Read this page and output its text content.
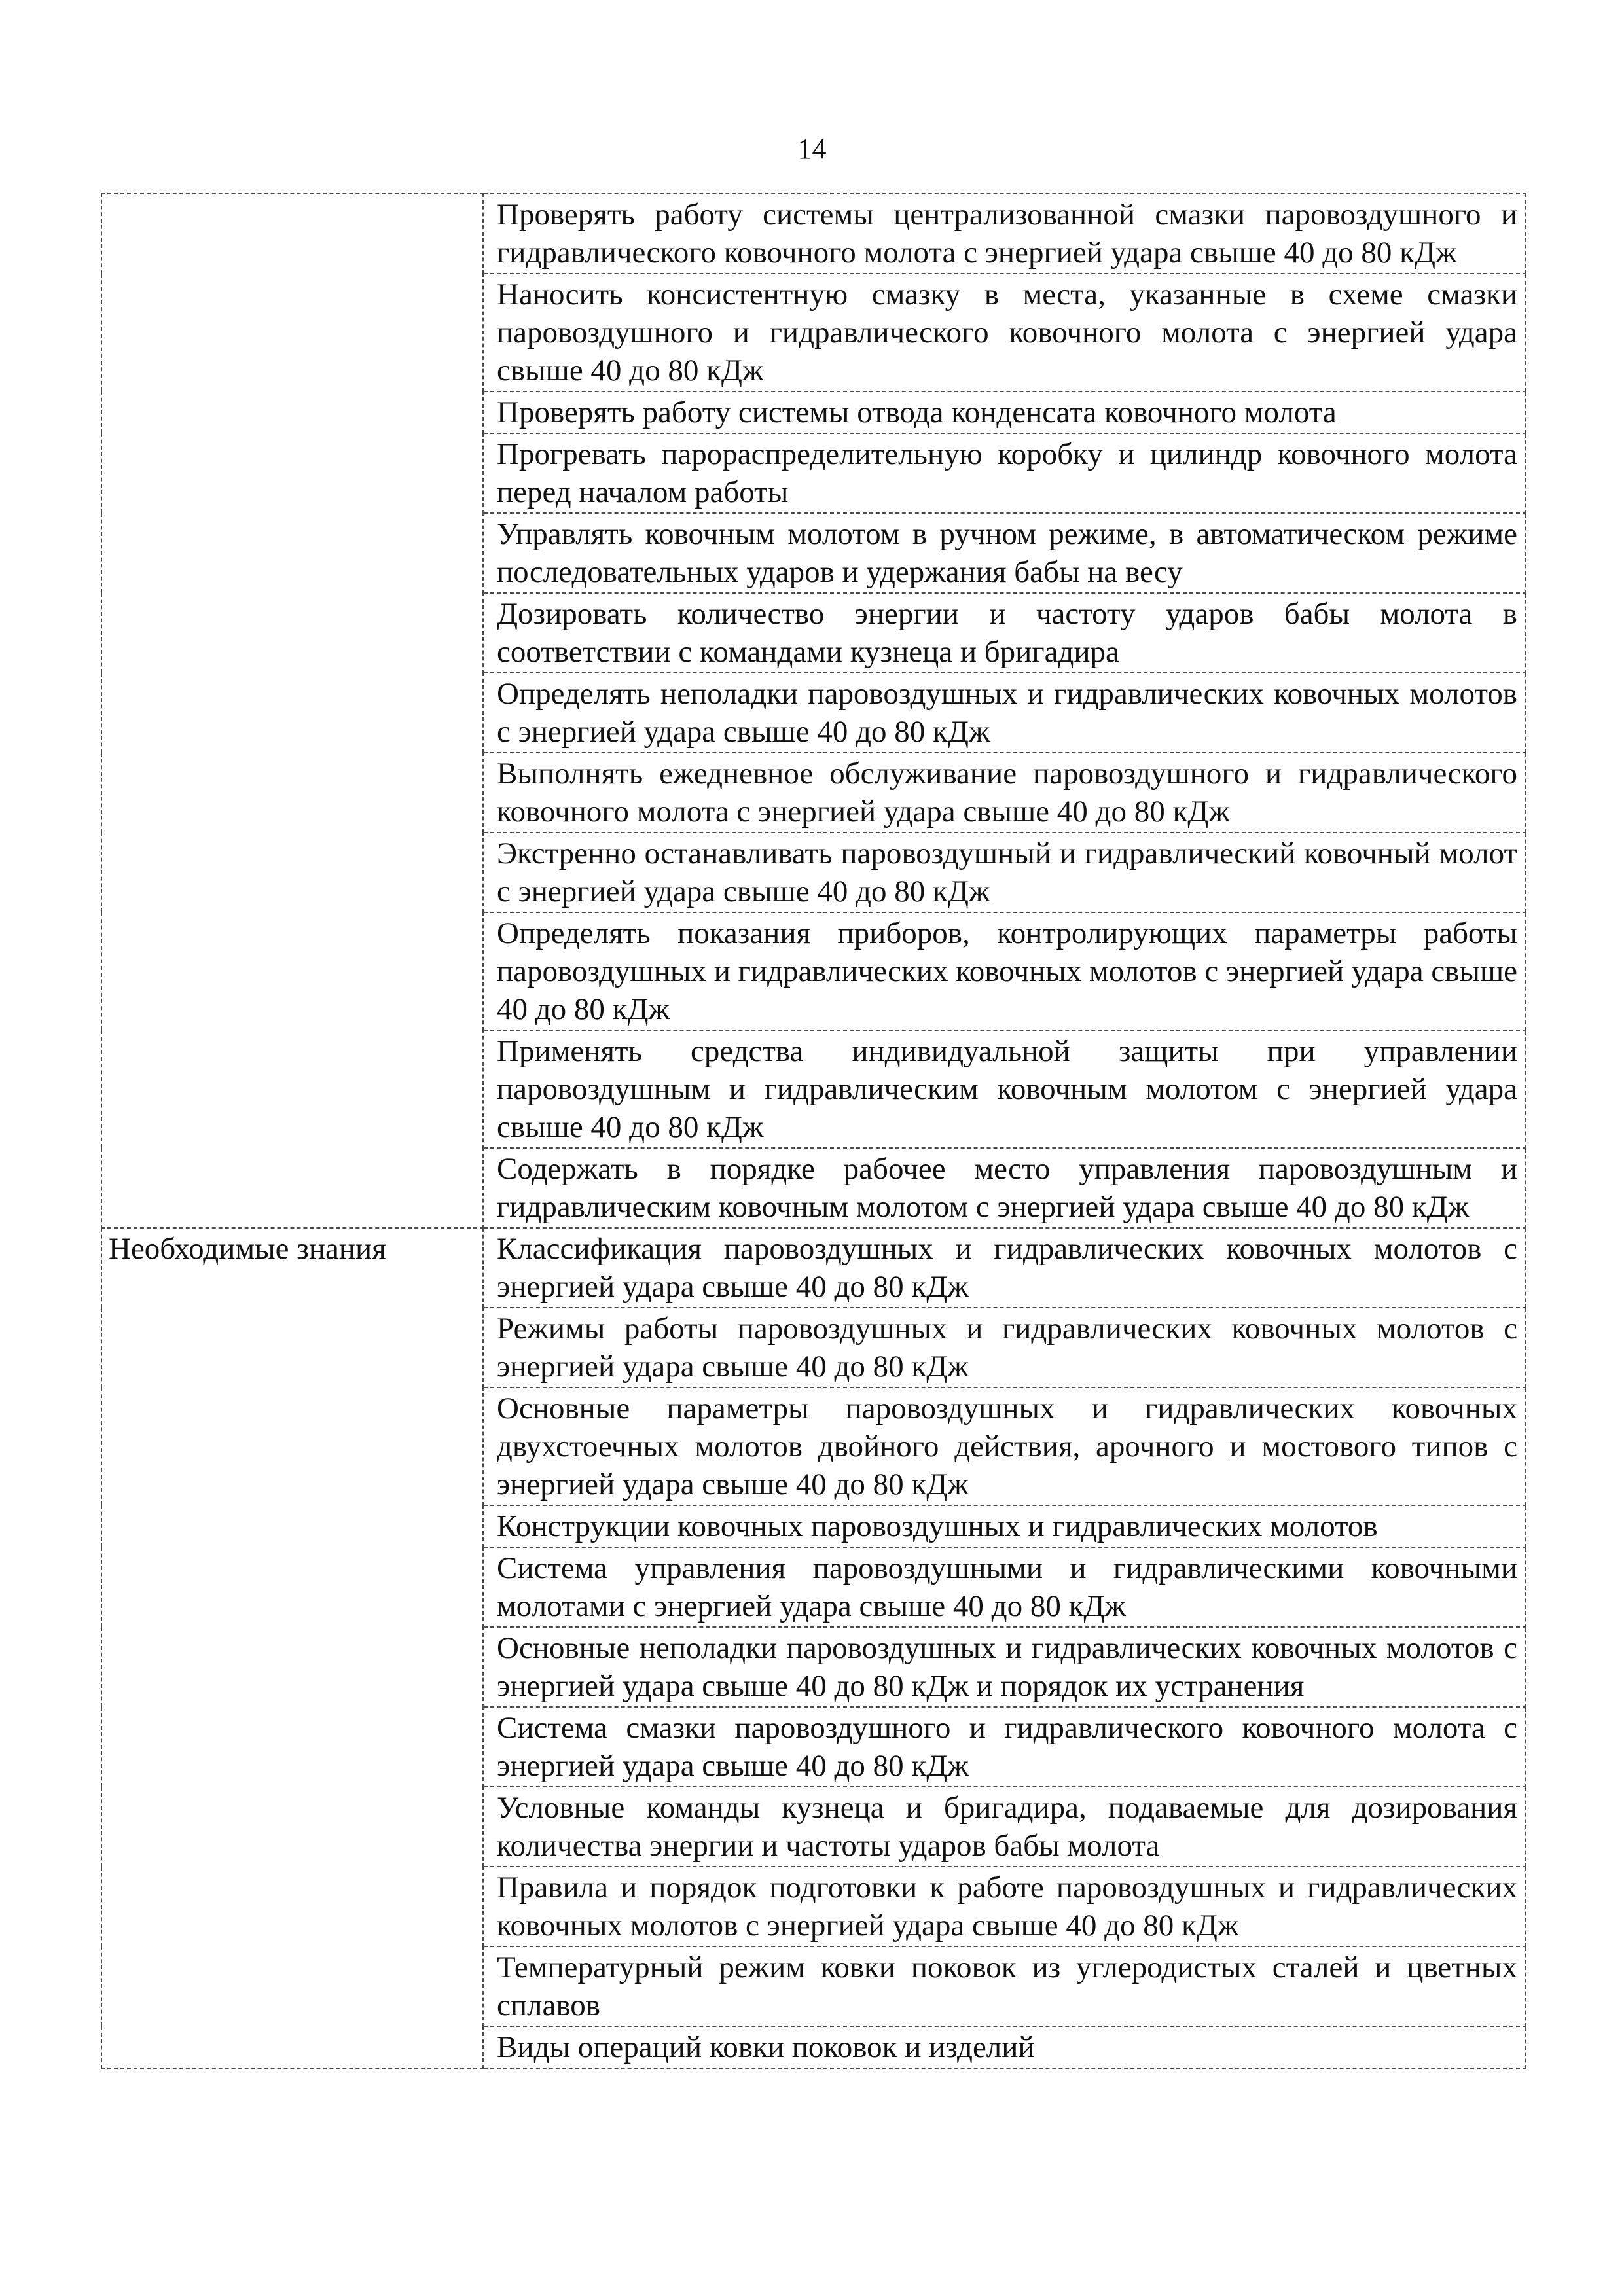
14
	Проверять работу системы централизованной смазки паровоздушного и гидравлического ковочного молота с энергией удара свыше 40 до 80 кДж
	Наносить консистентную смазку в места, указанные в схеме смазки паровоздушного и гидравлического ковочного молота с энергией удара свыше 40 до 80 кДж
	Проверять работу системы отвода конденсата ковочного молота
	Прогревать парораспределительную коробку и цилиндр ковочного молота перед началом работы
	Управлять ковочным молотом в ручном режиме, в автоматическом режиме последовательных ударов и удержания бабы на весу
	Дозировать количество энергии и частоту ударов бабы молота в соответствии с командами кузнеца и бригадира
	Определять неполадки паровоздушных и гидравлических ковочных молотов с энергией удара свыше 40 до 80 кДж
	Выполнять ежедневное обслуживание паровоздушного и гидравлического ковочного молота с энергией удара свыше 40 до 80 кДж
	Экстренно останавливать паровоздушный и гидравлический ковочный молот с энергией удара свыше 40 до 80 кДж
	Определять показания приборов, контролирующих параметры работы паровоздушных и гидравлических ковочных молотов с энергией удара свыше 40 до 80 кДж
	Применять средства индивидуальной защиты при управлении паровоздушным и гидравлическим ковочным молотом с энергией удара свыше 40 до 80 кДж
	Содержать в порядке рабочее место управления паровоздушным и гидравлическим ковочным молотом с энергией удара свыше 40 до 80 кДж

Необходимые знания	Классификация паровоздушных и гидравлических ковочных молотов с энергией удара свыше 40 до 80 кДж
	Режимы работы паровоздушных и гидравлических ковочных молотов с энергией удара свыше 40 до 80 кДж
	Основные параметры паровоздушных и гидравлических ковочных двухстоечных молотов двойного действия, арочного и мостового типов с энергией удара свыше 40 до 80 кДж
	Конструкции ковочных паровоздушных и гидравлических молотов
	Система управления паровоздушными и гидравлическими ковочными молотами с энергией удара свыше 40 до 80 кДж
	Основные неполадки паровоздушных и гидравлических ковочных молотов с энергией удара свыше 40 до 80 кДж и порядок их устранения
	Система смазки паровоздушного и гидравлического ковочного молота с энергией удара свыше 40 до 80 кДж
	Условные команды кузнеца и бригадира, подаваемые для дозирования количества энергии и частоты ударов бабы молота
	Правила и порядок подготовки к работе паровоздушных и гидравлических ковочных молотов с энергией удара свыше 40 до 80 кДж
	Температурный режим ковки поковок из углеродистых сталей и цветных сплавов
	Виды операций ковки поковок и изделий
